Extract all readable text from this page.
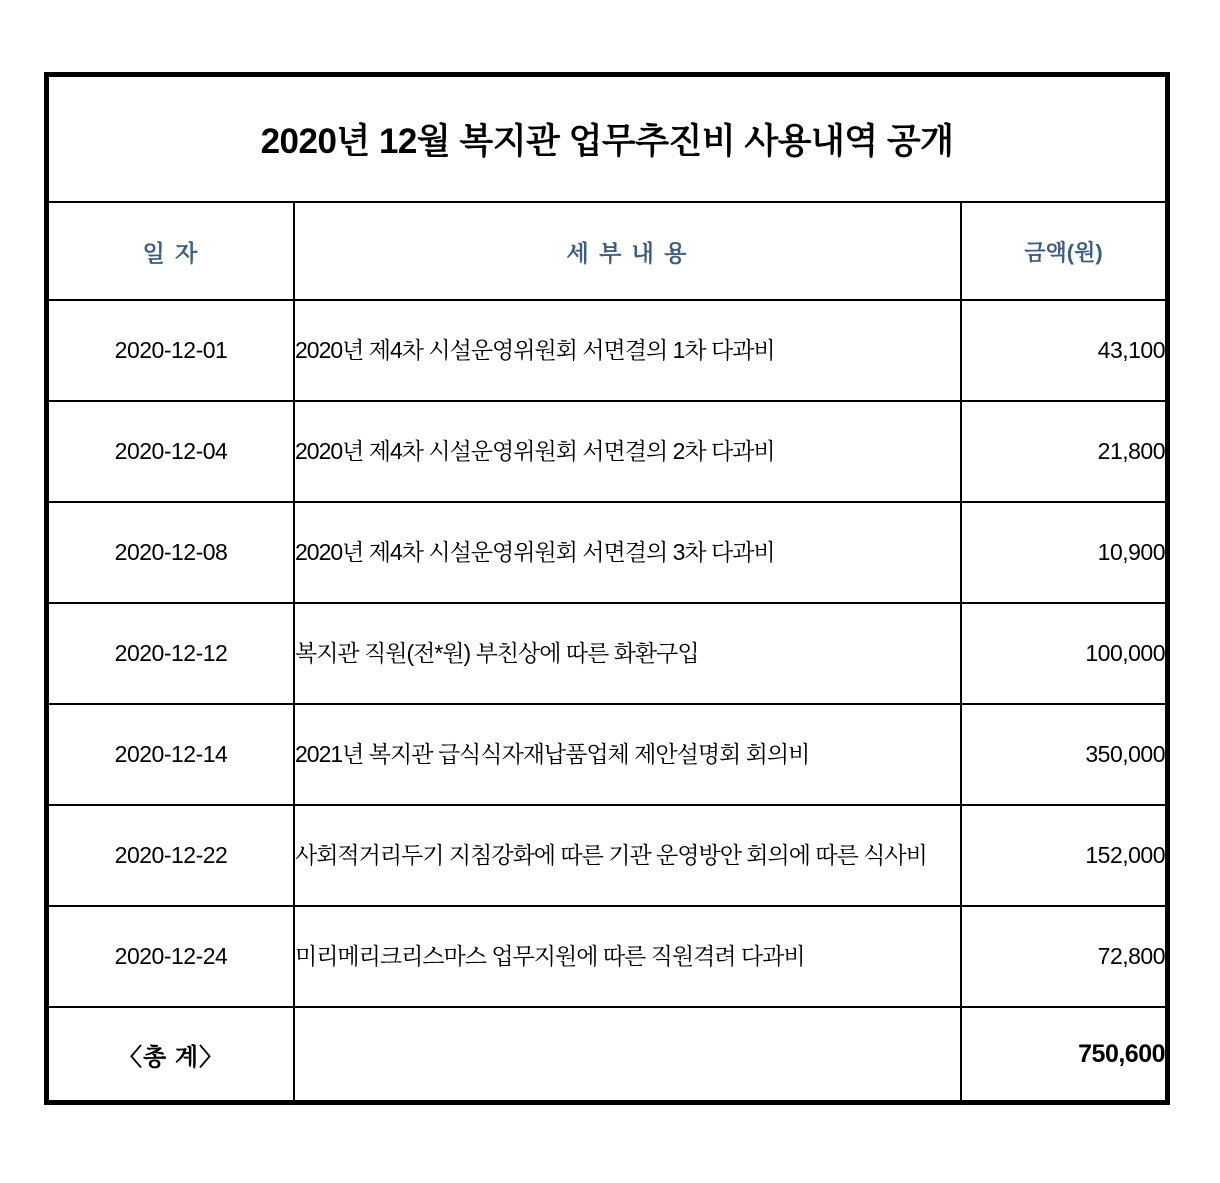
2020년 12월 복지관 업무추진비 사용내역 공개		
일 자	세 부 내 용	금액(원)
2020-12-01	2020년 제4차 시설운영위원회 서면결의 1차 다과비	43,100
2020-12-04	2020년 제4차 시설운영위원회 서면결의 2차 다과비	21,800
2020-12-08	2020년 제4차 시설운영위원회 서면결의 3차 다과비	10,900
2020-12-12	복지관 직원(전*원) 부친상에 따른 화환구입	100,000
2020-12-14	2021년 복지관 급식식자재납품업체 제안설명회 회의비	350,000
2020-12-22	사회적거리두기 지침강화에 따른 기관 운영방안 회의에 따른 식사비	152,000
2020-12-24	미리메리크리스마스 업무지원에 따른 직원격려 다과비	72,800
〈총 계〉		750,600
